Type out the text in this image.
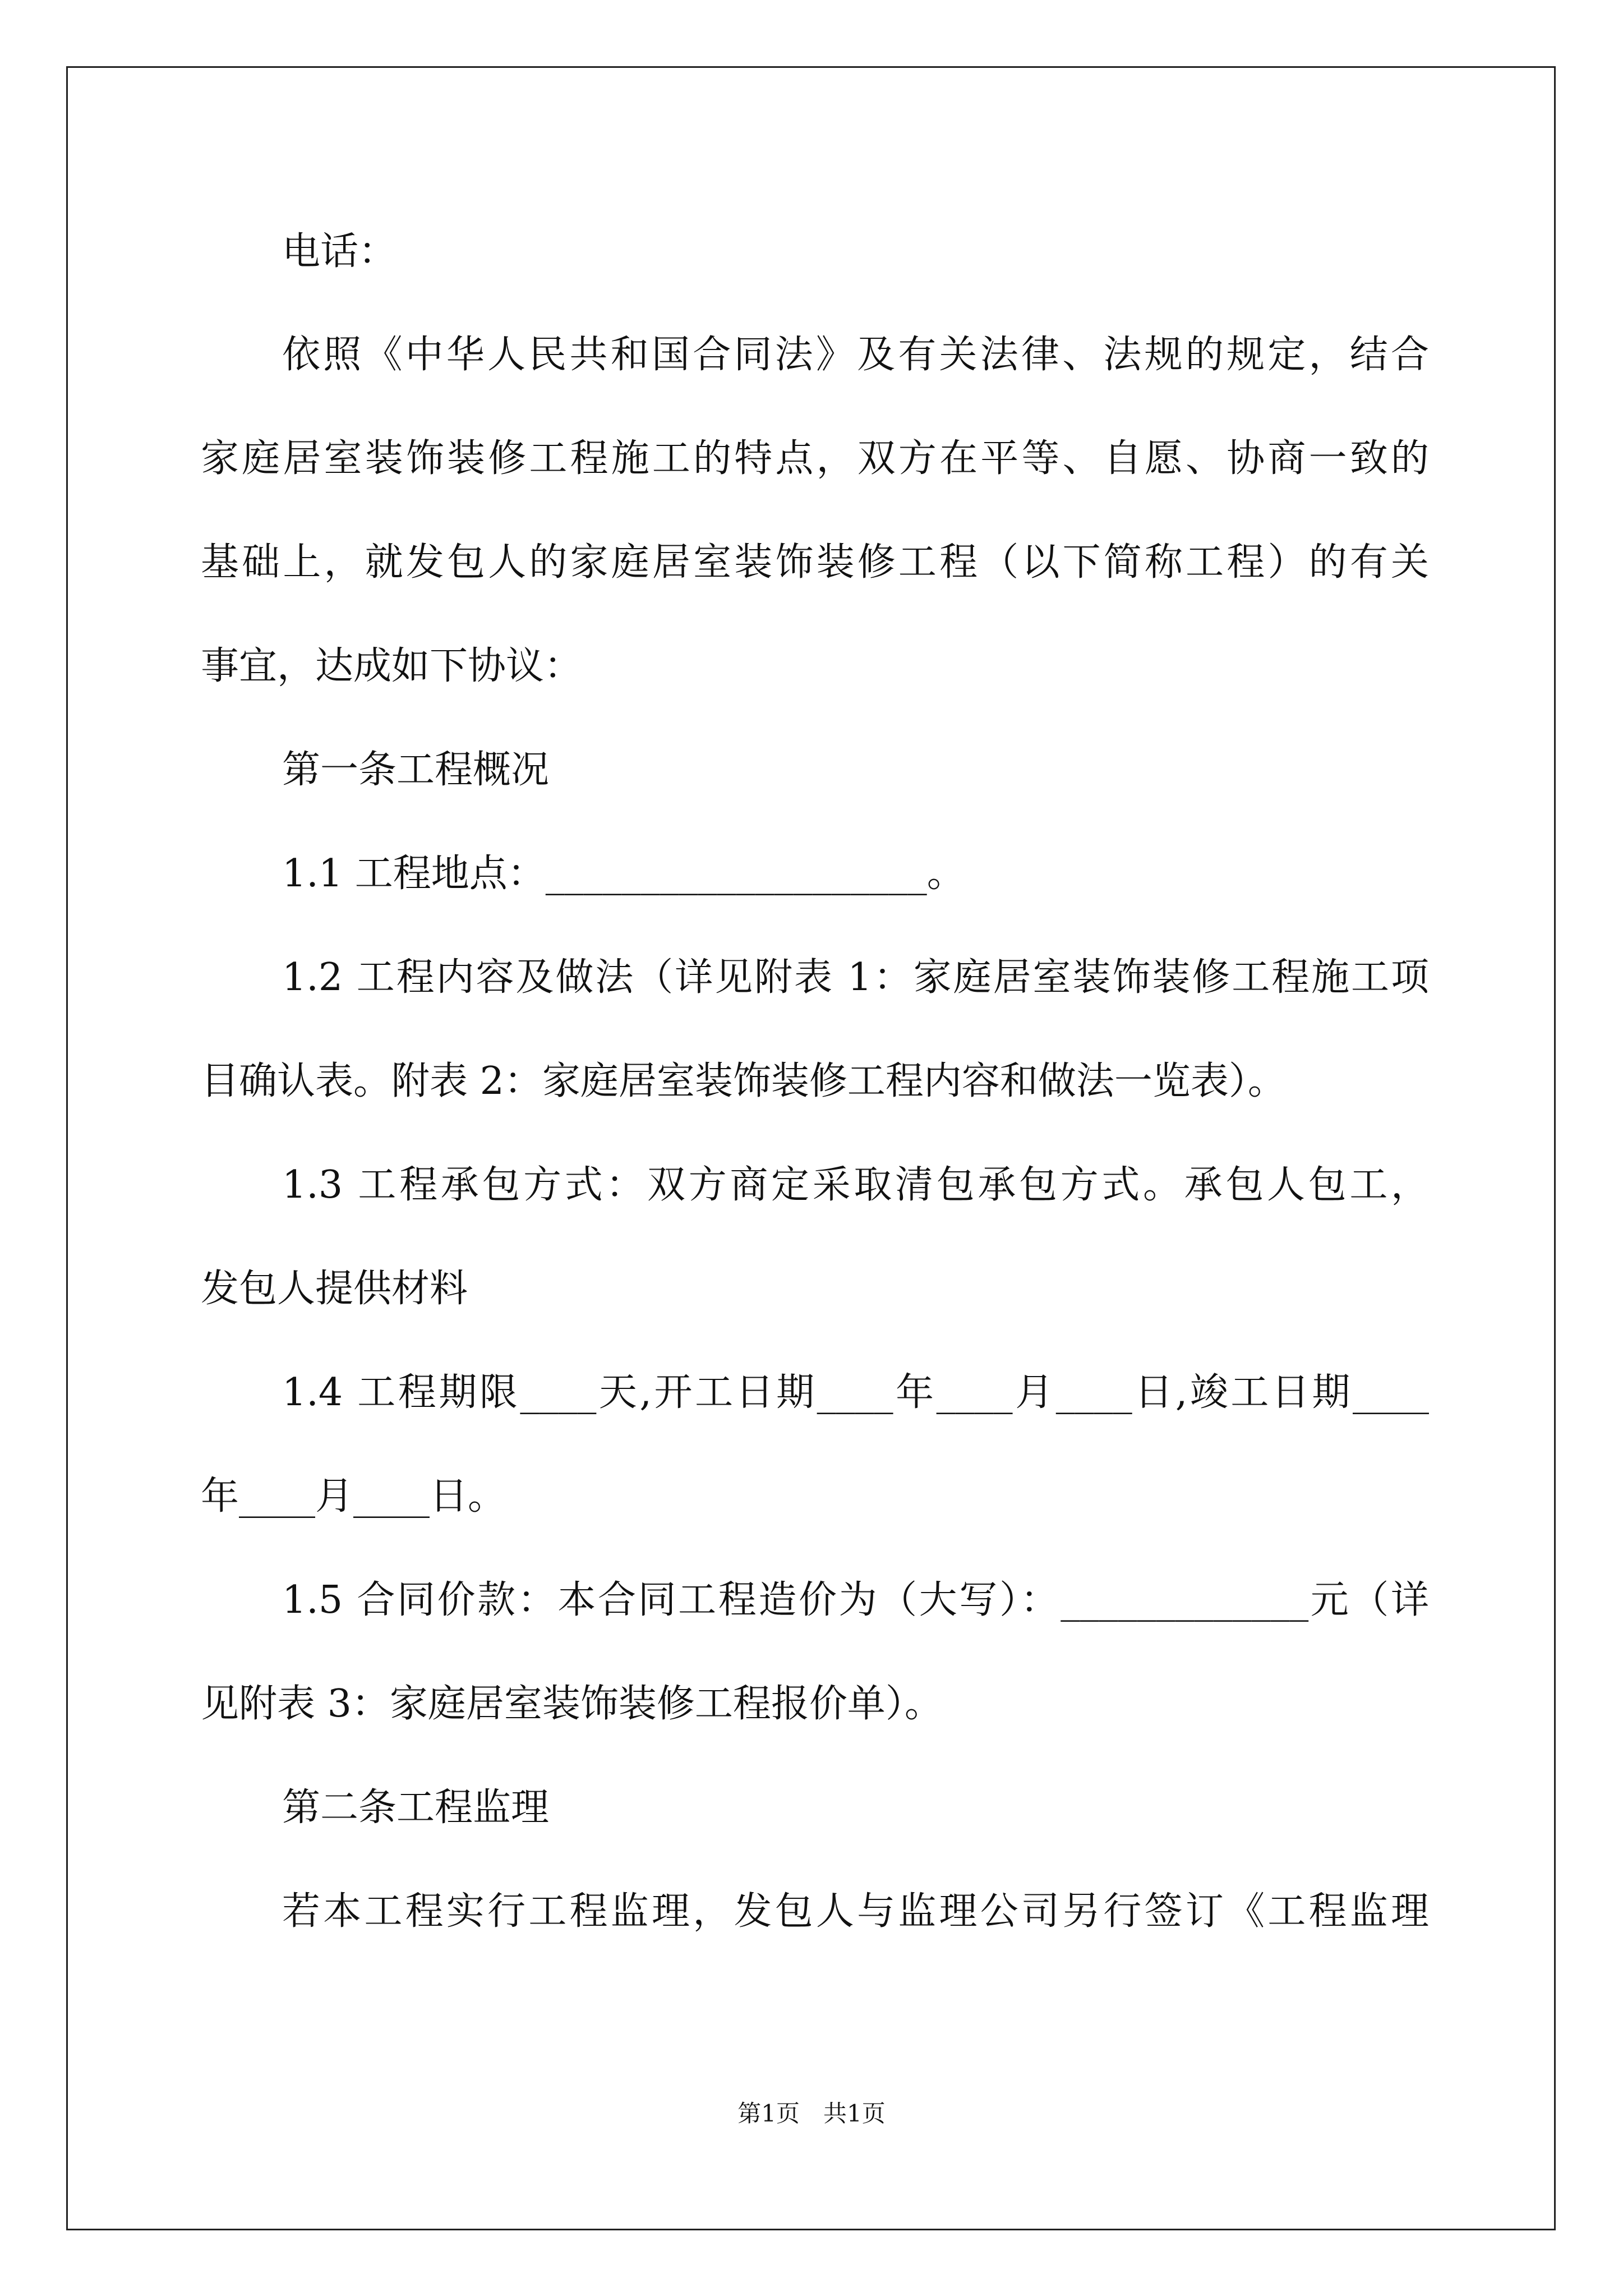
电话：
依照《中华人民共和国合同法》及有关法律、法规的规定，结合
家庭居室装饰装修工程施工的特点，双方在平等、自愿、协商一致的
基础上，就发包人的家庭居室装饰装修工程（以下简称工程）的有关
事宜，达成如下协议：
第一条工程概况
1.1 工程地点：____________________。
1.2 工程内容及做法（详见附表 1：家庭居室装饰装修工程施工项
目确认表。附表 2：家庭居室装饰装修工程内容和做法一览表）。
1.3 工程承包方式：双方商定采取清包承包方式。承包人包工，
发包人提供材料
1.4 工程期限____天,开工日期____年____月____日,竣工日期____
年____月____日。
1.5 合同价款：本合同工程造价为（大写）：_____________元（详
见附表 3：家庭居室装饰装修工程报价单）。
第二条工程监理
若本工程实行工程监理，发包人与监理公司另行签订《工程监理
第1页　共1页
